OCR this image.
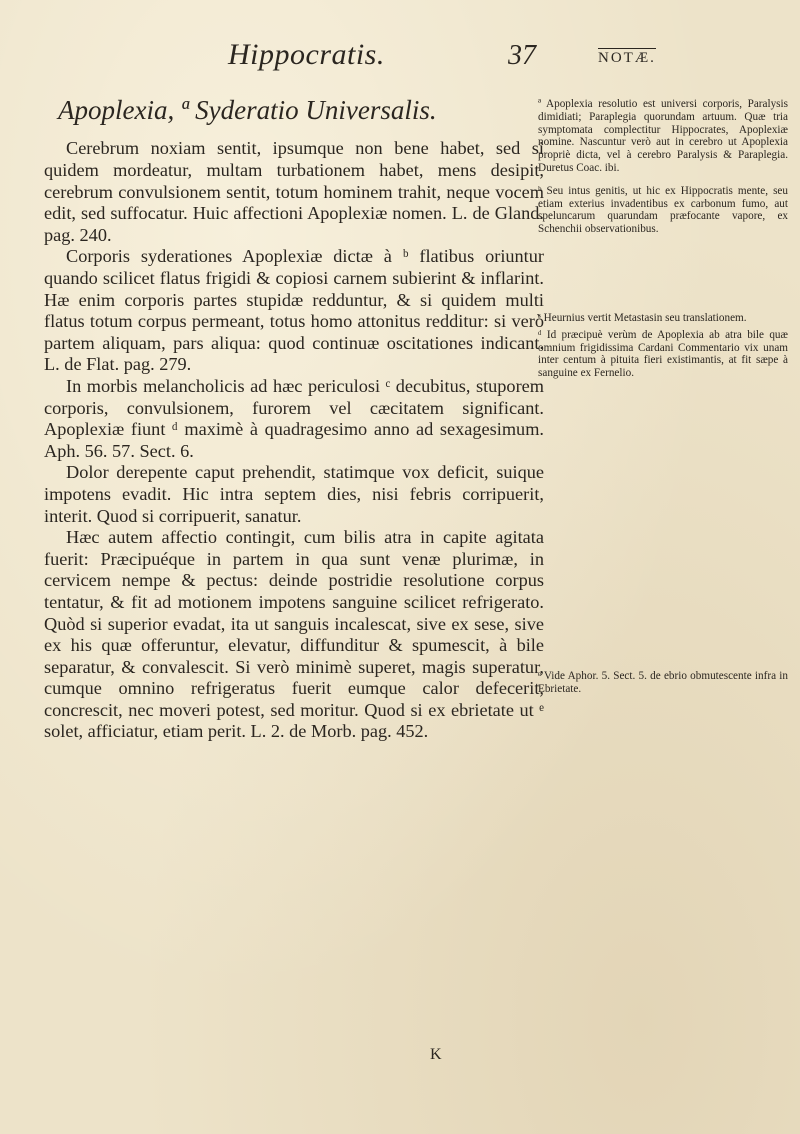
Hippocratis.	37	NOTÆ.
Apoplexia, ª Syderatio Universalis.

Cerebrum noxiam sentit, ipsumque non bene habet, sed si quidem mordeatur, multam turbationem habet, mens desipit, cerebrum convulsionem sentit, totum hominem trahit, neque vocem edit, sed suffocatur. Huic affectioni Apoplexiæ nomen. L. de Gland. pag. 240.

Corporis syderationes Apoplexiæ dictæ à ᵇ flatibus oriuntur quando scilicet flatus frigidi & copiosi carnem subierint & inflarint. Hæ enim corporis partes stupidæ redduntur, & si quidem multi flatus totum corpus permeant, totus homo attonitus redditur: si verò partem aliquam, pars aliqua: quod continuæ oscitationes indicant. L. de Flat. pag. 279.

In morbis melancholicis ad hæc periculosi ᶜ decubitus, stuporem corporis, convulsionem, furorem vel cæcitatem significant. Apoplexiæ fiunt ᵈ maximè à quadragesimo anno ad sexagesimum. Aph. 56. 57. Sect. 6.

Dolor derepente caput prehendit, statimque vox deficit, suique impotens evadit. Hic intra septem dies, nisi febris corripuerit, interit. Quod si corripuerit, sanatur.

Hæc autem affectio contingit, cum bilis atra in capite agitata fuerit: Præcipuéque in partem in qua sunt venæ plurimæ, in cervicem nempe & pectus: deinde postridie resolutione corpus tentatur, & fit ad motionem impotens sanguine scilicet refrigerato. Quòd si superior evadat, ita ut sanguis incalescat, sive ex sese, sive ex his quæ offeruntur, elevatur, diffunditur & spumescit, à bile separatur, & convalescit. Si verò minimè superet, magis superatur, cumque omnino refrigeratus fuerit eumque calor defecerit, concrescit, nec moveri potest, sed moritur. Quod si ex ebrietate ut ᵉ solet, afficiatur, etiam perit. L. 2. de Morb. pag. 452.

ª Apoplexia resolutio est universi corporis, Paralysis dimidiati; Paraplegia quorundam artuum. Quæ tria symptomata complectitur Hippocrates, Apoplexiæ nomine. Nascuntur verò aut in cerebro ut Apoplexia propriè dicta, vel à cerebro Paralysis & Paraplegia. Duretus Coac. ibi.

ᵇ Seu intus genitis, ut hic ex Hippocratis mente, seu etiam exterius invadentibus ex carbonum fumo, aut speluncarum quarundam præfocante vapore, ex Schenchii observationibus.

ᶜ Heurnius vertit Metastasin seu translationem.

ᵈ Id præcipuè verùm de Apoplexia ab atra bile quæ omnium frigidissima Cardani Commentario vix unam inter centum à pituita fieri existimantis, at fit sæpe à sanguine ex Fernelio.

ᵉ Vide Aphor. 5. Sect. 5. de ebrio obmutescente infra in Ebrietate.

K
